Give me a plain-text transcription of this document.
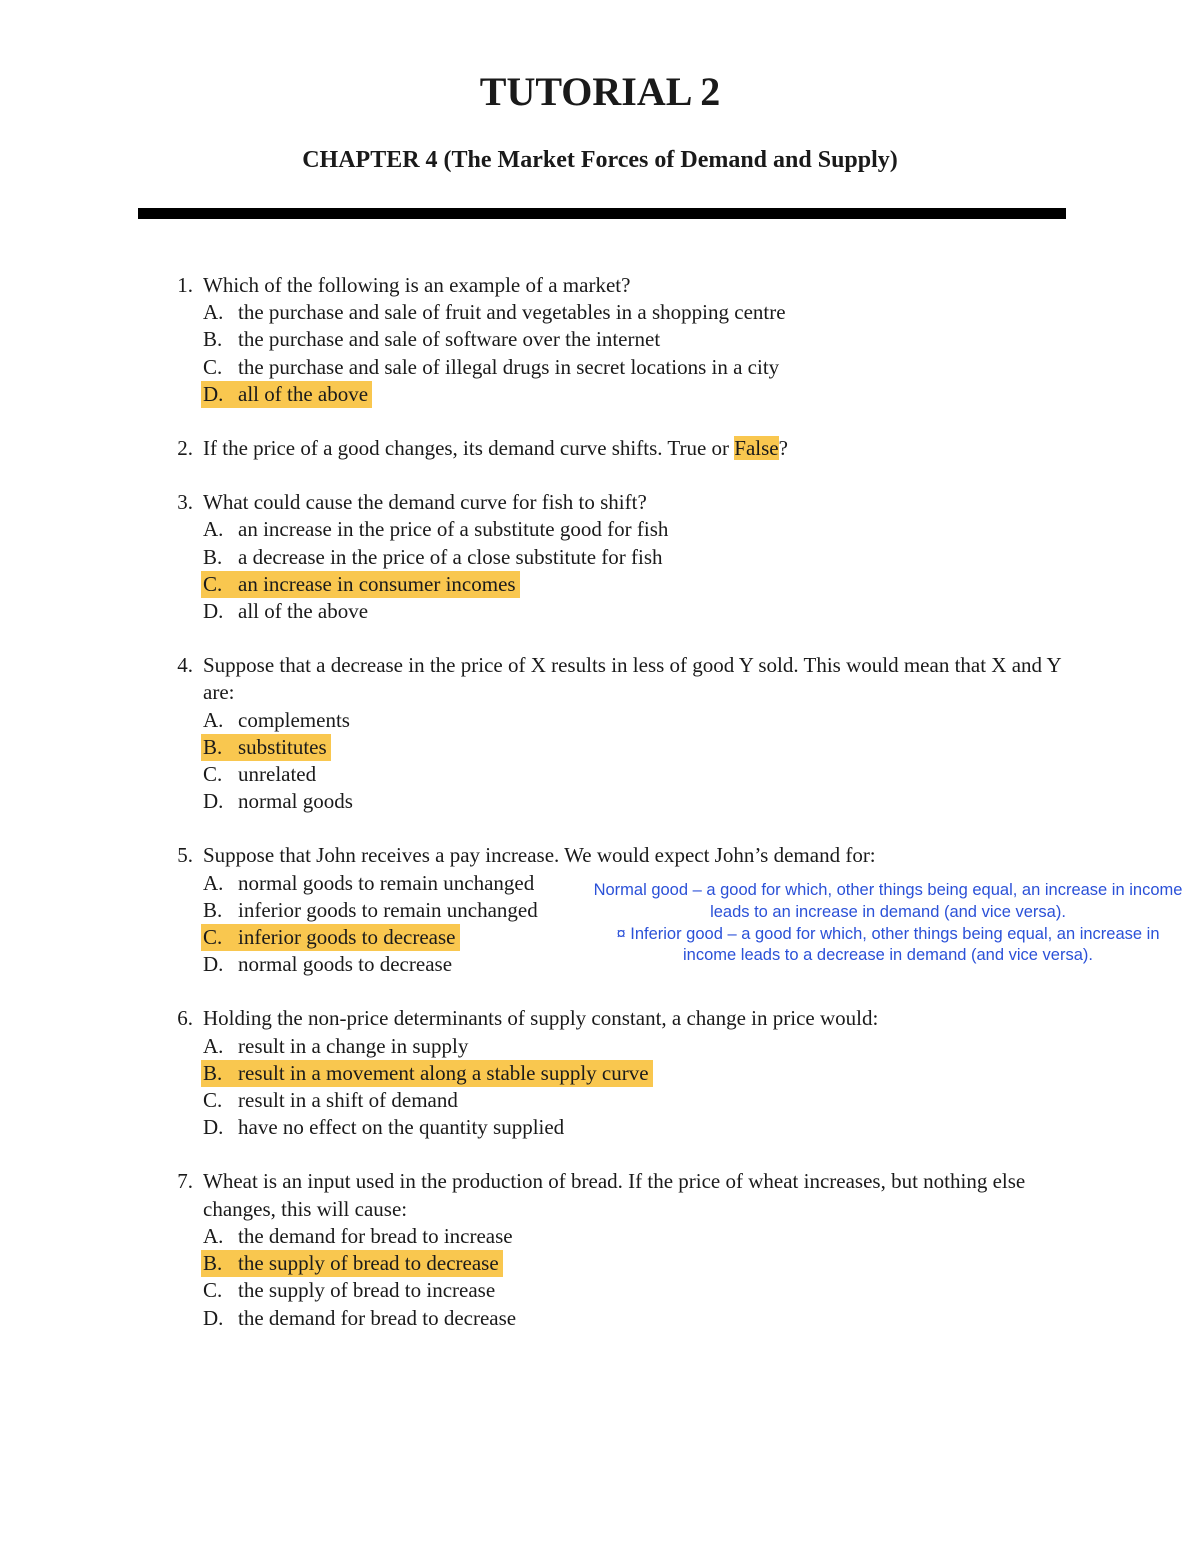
TUTORIAL 2
CHAPTER 4 (The Market Forces of Demand and Supply)
1. Which of the following is an example of a market?
A. the purchase and sale of fruit and vegetables in a shopping centre
B. the purchase and sale of software over the internet
C. the purchase and sale of illegal drugs in secret locations in a city
D. all of the above
2. If the price of a good changes, its demand curve shifts. True or False?
3. What could cause the demand curve for fish to shift?
A. an increase in the price of a substitute good for fish
B. a decrease in the price of a close substitute for fish
C. an increase in consumer incomes
D. all of the above
4. Suppose that a decrease in the price of X results in less of good Y sold. This would mean that X and Y are:
A. complements
B. substitutes
C. unrelated
D. normal goods
5. Suppose that John receives a pay increase. We would expect John’s demand for:
A. normal goods to remain unchanged
B. inferior goods to remain unchanged
C. inferior goods to decrease
D. normal goods to decrease
6. Holding the non-price determinants of supply constant, a change in price would:
A. result in a change in supply
B. result in a movement along a stable supply curve
C. result in a shift of demand
D. have no effect on the quantity supplied
7. Wheat is an input used in the production of bread. If the price of wheat increases, but nothing else changes, this will cause:
A. the demand for bread to increase
B. the supply of bread to decrease
C. the supply of bread to increase
D. the demand for bread to decrease

Normal good – a good for which, other things being equal, an increase in income leads to an increase in demand (and vice versa).

¤ Inferior good – a good for which, other things being equal, an increase in income leads to a decrease in demand (and vice versa).
